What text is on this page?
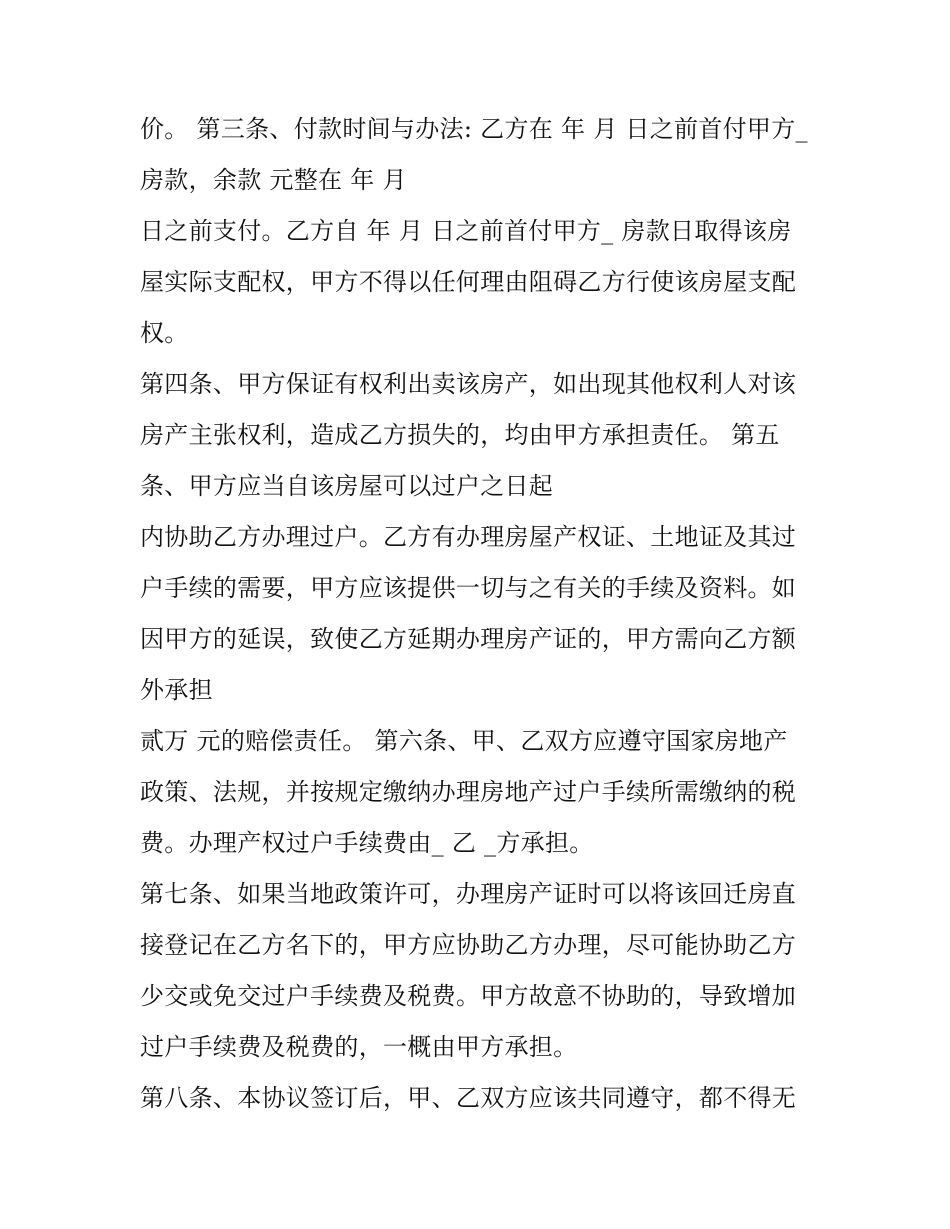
价。 第三条、付款时间与办法: 乙方在 年 月 日之前首付甲方_
房款，余款 元整在 年 月
日之前支付。乙方自 年 月 日之前首付甲方_ 房款日取得该房
屋实际支配权，甲方不得以任何理由阻碍乙方行使该房屋支配
权。
第四条、甲方保证有权利出卖该房产，如出现其他权利人对该
房产主张权利，造成乙方损失的，均由甲方承担责任。 第五
条、甲方应当自该房屋可以过户之日起
内协助乙方办理过户。乙方有办理房屋产权证、土地证及其过
户手续的需要，甲方应该提供一切与之有关的手续及资料。如
因甲方的延误，致使乙方延期办理房产证的，甲方需向乙方额
外承担
贰万 元的赔偿责任。 第六条、甲、乙双方应遵守国家房地产
政策、法规，并按规定缴纳办理房地产过户手续所需缴纳的税
费。办理产权过户手续费由_ 乙 _方承担。
第七条、如果当地政策许可，办理房产证时可以将该回迁房直
接登记在乙方名下的，甲方应协助乙方办理，尽可能协助乙方
少交或免交过户手续费及税费。甲方故意不协助的，导致增加
过户手续费及税费的，一概由甲方承担。
第八条、本协议签订后，甲、乙双方应该共同遵守，都不得无
